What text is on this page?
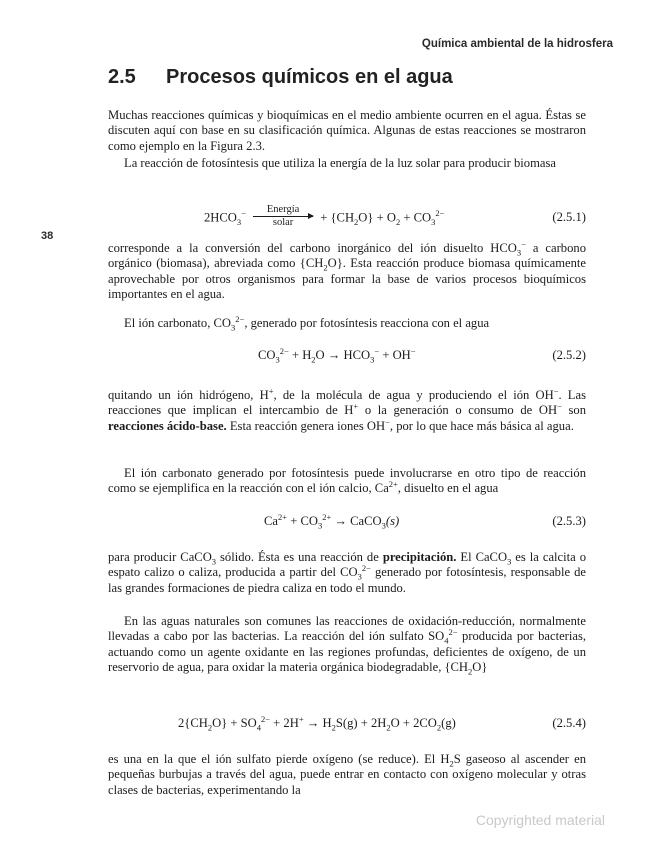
Química ambiental de la hidrosfera
38
2.5 Procesos químicos en el agua

Muchas reacciones químicas y bioquímicas en el medio ambiente ocurren en el agua. Éstas se discuten aquí con base en su clasificación química. Algunas de estas reacciones se mostraron como ejemplo en la Figura 2.3.

La reacción de fotosíntesis que utiliza la energía de la luz solar para producir biomasa

$2HCO_3^- \frac{\text{Energía}}{\text{solar}} + \{CH_2O\} + O_2 + CO_3^{2-}$	(2.5.1)

corresponde a la conversión del carbono inorgánico del ión disuelto $HCO_3^-$ a carbono orgánico (biomasa), abreviada como $\{CH_2O\}$. Esta reacción produce biomasa químicamente aprovechable por otros organismos para formar la base de varios procesos bioquímicos importantes en el agua.

El ión carbonato, $CO_3^{2-}$, generado por fotosíntesis reacciona con el agua

$CO_3^{2-} + H_2O \to HCO_3^- + OH^-$	(2.5.2)

quitando un ión hidrógeno, H+, de la molécula de agua y produciendo el ión OH−. Las reacciones que implican el intercambio de H+ o la generación o consumo de OH− son reacciones ácido-base. Esta reacción genera iones OH−, por lo que hace más básica al agua.

El ión carbonato generado por fotosíntesis puede involucrarse en otro tipo de reacción como se ejemplifica en la reacción con el ión calcio, $Ca^{2+}$, disuelto en el agua

$Ca^{2+} + CO_3^{2+}$ → CaCO$_3$(s)	(2.5.3)

para producir CaCO$_3$ sólido. Ésta es una reacción de precipitación. El CaCO$_3$ es la calcita o espato calizo o caliza, producida a partir del $CO_3^{2-}$ generado por fotosíntesis, responsable de las grandes formaciones de piedra caliza en todo el mundo.

En las aguas naturales son comunes las reacciones de oxidación-reducción, normalmente llevadas a cabo por las bacterias. La reacción del ión sulfato $SO_4^{2-}$ producida por bacterias, actuando como un agente oxidante en las regiones profundas, deficientes de oxígeno, de un reservorio de agua, para oxidar la materia orgánica biodegradable, $\{CH_2O\}$

$2\{CH_2O\} + SO_4^{2-} + 2H^+ \to H_2S(g) + 2H_2O + 2CO_2(g)$	(2.5.4)

es una en la que el ión sulfato pierde oxígeno (se reduce). El $H_2S$ gaseoso al ascender en pequeñas burbujas a través del agua, puede entrar en contacto con oxígeno molecular y otras clases de bacterias, experimentando la

Copyrighted material
